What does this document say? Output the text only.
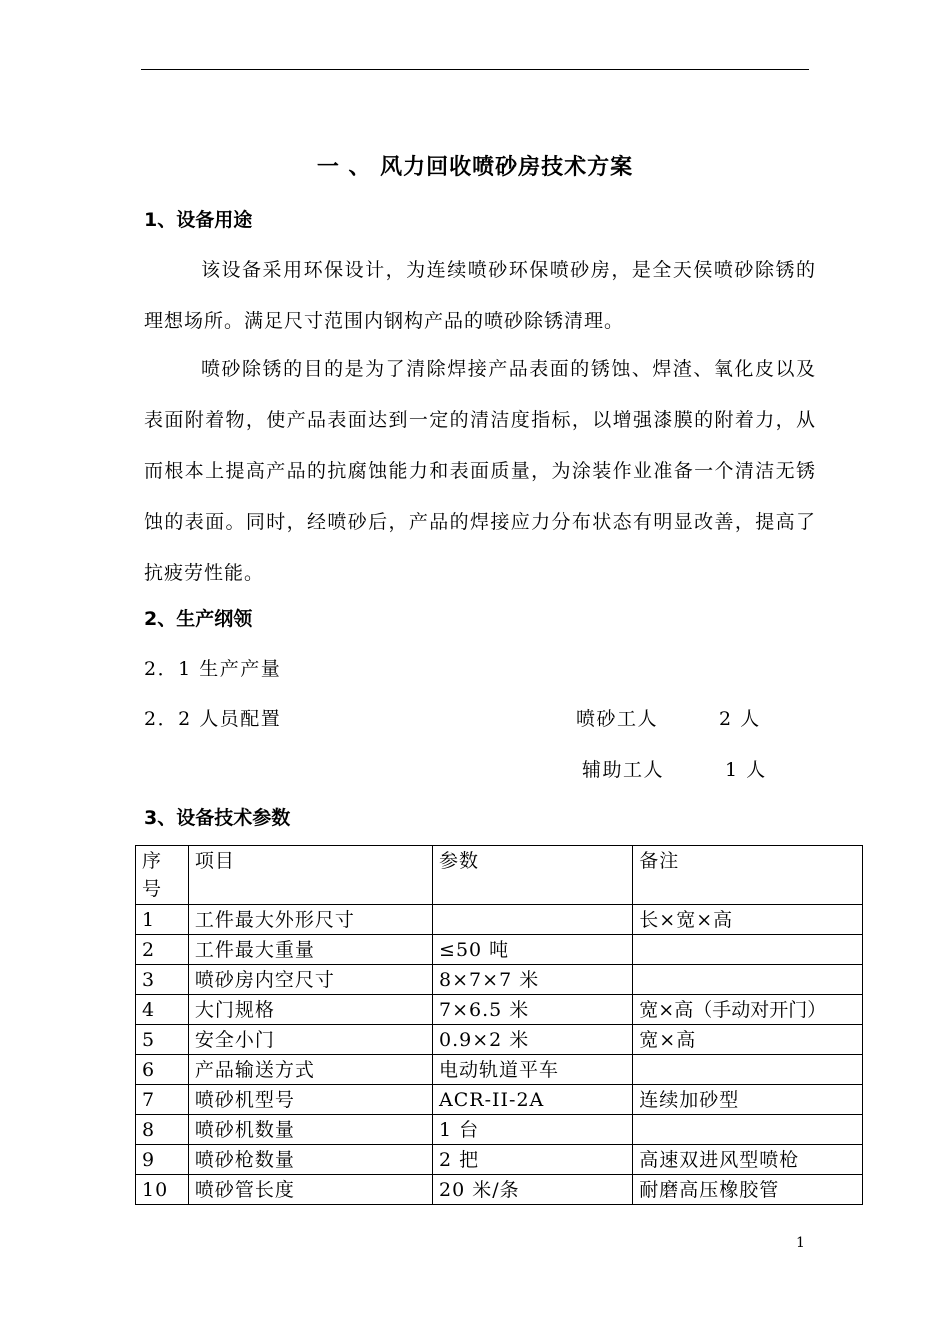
一 、 风力回收喷砂房技术方案
1、设备用途

该设备采用环保设计，为连续喷砂环保喷砂房，是全天侯喷砂除锈的理想场所。满足尺寸范围内钢构产品的喷砂除锈清理。

喷砂除锈的目的是为了清除焊接产品表面的锈蚀、焊渣、氧化皮以及表面附着物，使产品表面达到一定的清洁度指标，以增强漆膜的附着力，从而根本上提高产品的抗腐蚀能力和表面质量，为涂装作业准备一个清洁无锈蚀的表面。同时，经喷砂后，产品的焊接应力分布状态有明显改善，提高了抗疲劳性能。

2、生产纲领
2．1 生产产量
2．2 人员配置	喷砂工人	2 人
辅助工人	1 人
3、设备技术参数
序号	项目	参数	备注
1	工件最大外形尺寸		长×宽×高
2	工件最大重量	≤50 吨	
3	喷砂房内空尺寸	8×7×7 米	
4	大门规格	7×6.5 米	宽×高（手动对开门）
5	安全小门	0.9×2 米	宽×高
6	产品输送方式	电动轨道平车	
7	喷砂机型号	ACR-II-2A	连续加砂型
8	喷砂机数量	1 台	
9	喷砂枪数量	2 把	高速双进风型喷枪
10	喷砂管长度	20 米/条	耐磨高压橡胶管
1
